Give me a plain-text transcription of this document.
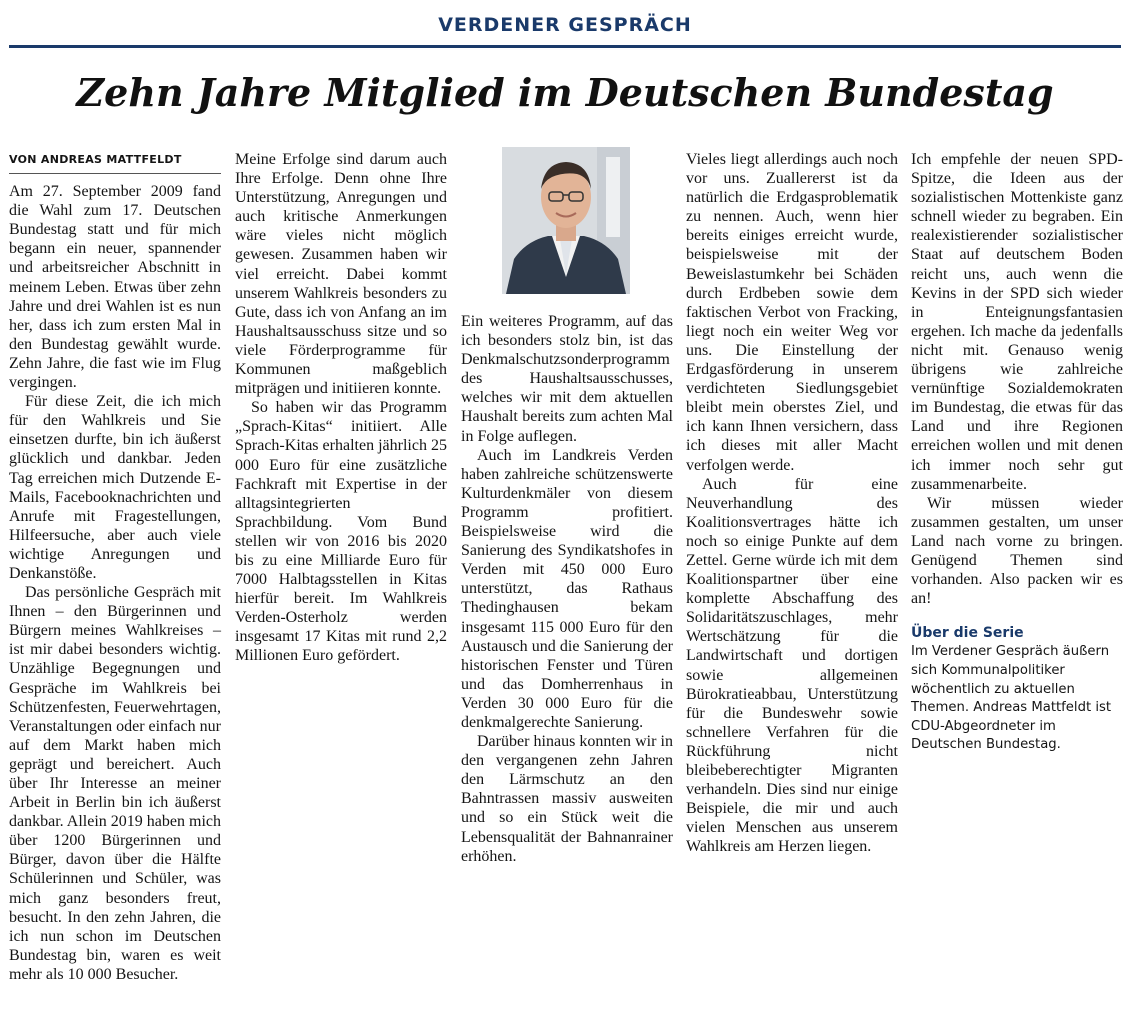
VERDENER GESPRÄCH
Zehn Jahre Mitglied im Deutschen Bundestag
VON ANDREAS MATTFELDT

Am 27. September 2009 fand die Wahl zum 17. Deutschen Bundestag statt und für mich begann ein neuer, spannender und arbeitsreicher Abschnitt in meinem Leben. Etwas über zehn Jahre und drei Wahlen ist es nun her, dass ich zum ersten Mal in den Bundestag gewählt wurde. Zehn Jahre, die fast wie im Flug vergingen.

Für diese Zeit, die ich mich für den Wahlkreis und Sie einsetzen durfte, bin ich äußerst glücklich und dankbar. Jeden Tag erreichen mich Dutzende E-Mails, Facebooknachrichten und Anrufe mit Fragestellungen, Hilfeersuche, aber auch viele wichtige Anregungen und Denkanstöße.

Das persönliche Gespräch mit Ihnen – den Bürgerinnen und Bürgern meines Wahlkreises – ist mir dabei besonders wichtig. Unzählige Begegnungen und Gespräche im Wahlkreis bei Schützenfesten, Feuerwehrtagen, Veranstaltungen oder einfach nur auf dem Markt haben mich geprägt und bereichert. Auch über Ihr Interesse an meiner Arbeit in Berlin bin ich äußerst dankbar. Allein 2019 haben mich über 1200 Bürgerinnen und Bürger, davon über die Hälfte Schülerinnen und Schüler, was mich ganz besonders freut, besucht. In den zehn Jahren, die ich nun schon im Deutschen Bundestag bin, waren es weit mehr als 10 000 Besucher.

Meine Erfolge sind darum auch Ihre Erfolge. Denn ohne Ihre Unterstützung, Anregungen und auch kritische Anmerkungen wäre vieles nicht möglich gewesen. Zusammen haben wir viel erreicht. Dabei kommt unserem Wahlkreis besonders zu Gute, dass ich von Anfang an im Haushaltsausschuss sitze und so viele Förderprogramme für Kommunen maßgeblich mitprägen und initiieren konnte.

So haben wir das Programm „Sprach-Kitas“ initiiert. Alle Sprach-Kitas erhalten jährlich 25 000 Euro für eine zusätzliche Fachkraft mit Expertise in der alltagsintegrierten Sprachbildung. Vom Bund stellen wir von 2016 bis 2020 bis zu eine Milliarde Euro für 7000 Halbtagsstellen in Kitas hierfür bereit. Im Wahlkreis Verden-Osterholz werden insgesamt 17 Kitas mit rund 2,2 Millionen Euro gefördert.

Ein weiteres Programm, auf das ich besonders stolz bin, ist das Denkmalschutzsonderprogramm des Haushaltsausschusses, welches wir mit dem aktuellen Haushalt bereits zum achten Mal in Folge auflegen.

Auch im Landkreis Verden haben zahlreiche schützenswerte Kulturdenkmäler von diesem Programm profitiert. Beispielsweise wird die Sanierung des Syndikatshofes in Verden mit 450 000 Euro unterstützt, das Rathaus Thedinghausen bekam insgesamt 115 000 Euro für den Austausch und die Sanierung der historischen Fenster und Türen und das Domherrenhaus in Verden 30 000 Euro für die denkmalgerechte Sanierung.

Darüber hinaus konnten wir in den vergangenen zehn Jahren den Lärmschutz an den Bahntrassen massiv ausweiten und so ein Stück weit die Lebensqualität der Bahnanrainer erhöhen.

Vieles liegt allerdings auch noch vor uns. Zuallererst ist da natürlich die Erdgasproblematik zu nennen. Auch, wenn hier bereits einiges erreicht wurde, beispielsweise mit der Beweislastumkehr bei Schäden durch Erdbeben sowie dem faktischen Verbot von Fracking, liegt noch ein weiter Weg vor uns. Die Einstellung der Erdgasförderung in unserem verdichteten Siedlungsgebiet bleibt mein oberstes Ziel, und ich kann Ihnen versichern, dass ich dieses mit aller Macht verfolgen werde.

Auch für eine Neuverhandlung des Koalitionsvertrages hätte ich noch so einige Punkte auf dem Zettel. Gerne würde ich mit dem Koalitionspartner über eine komplette Abschaffung des Solidaritätszuschlages, mehr Wertschätzung für die Landwirtschaft und dortigen sowie allgemeinen Bürokratieabbau, Unterstützung für die Bundeswehr sowie schnellere Verfahren für die Rückführung nicht bleibeberechtigter Migranten verhandeln. Dies sind nur einige Beispiele, die mir und auch vielen Menschen aus unserem Wahlkreis am Herzen liegen.

Ich empfehle der neuen SPD-Spitze, die Ideen aus der sozialistischen Mottenkiste ganz schnell wieder zu begraben. Ein realexistierender sozialistischer Staat auf deutschem Boden reicht uns, auch wenn die Kevins in der SPD sich wieder in Enteignungsfantasien ergehen. Ich mache da jedenfalls nicht mit. Genauso wenig übrigens wie zahlreiche vernünftige Sozialdemokraten im Bundestag, die etwas für das Land und ihre Regionen erreichen wollen und mit denen ich immer noch sehr gut zusammenarbeite.

Wir müssen wieder zusammen gestalten, um unser Land nach vorne zu bringen. Genügend Themen sind vorhanden. Also packen wir es an!

Über die Serie
Im Verdener Gespräch äußern sich Kommunalpolitiker wöchentlich zu aktuellen Themen. Andreas Mattfeldt ist CDU-Abgeordneter im Deutschen Bundestag.
